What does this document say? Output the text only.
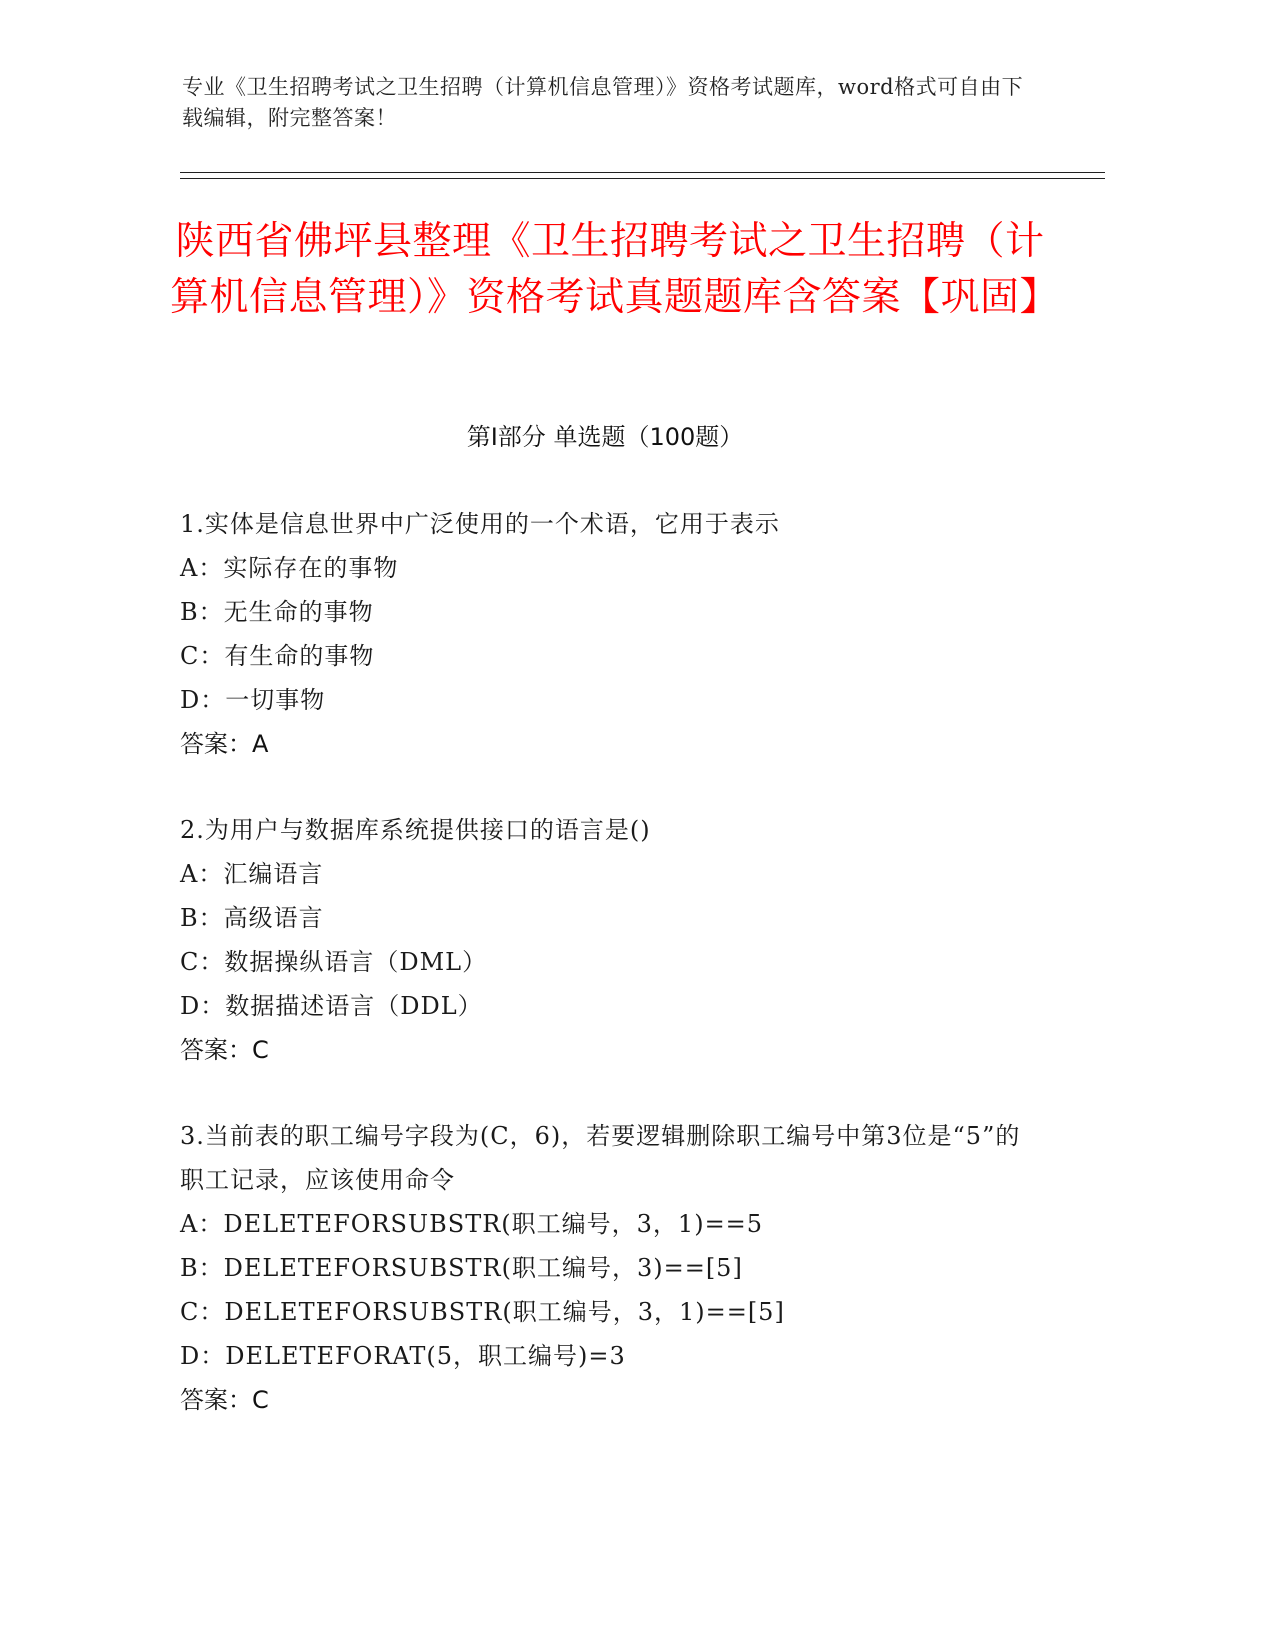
专业《卫生招聘考试之卫生招聘（计算机信息管理）》资格考试题库，word格式可自由下载编辑，附完整答案！
陕西省佛坪县整理《卫生招聘考试之卫生招聘（计算机信息管理）》资格考试真题题库含答案【巩固】
第Ⅰ部分 单选题（100题）
1.实体是信息世界中广泛使用的一个术语，它用于表示
A：实际存在的事物
B：无生命的事物
C：有生命的事物
D：一切事物
答案：A
2.为用户与数据库系统提供接口的语言是()
A：汇编语言
B：高级语言
C：数据操纵语言（DML）
D：数据描述语言（DDL）
答案：C
3.当前表的职工编号字段为(C，6)，若要逻辑删除职工编号中第3位是“5”的职工记录，应该使用命令
A：DELETEFORSUBSTR(职工编号，3，1)==5
B：DELETEFORSUBSTR(职工编号，3)==[5]
C：DELETEFORSUBSTR(职工编号，3，1)==[5]
D：DELETEFORAT(5，职工编号)=3
答案：C
